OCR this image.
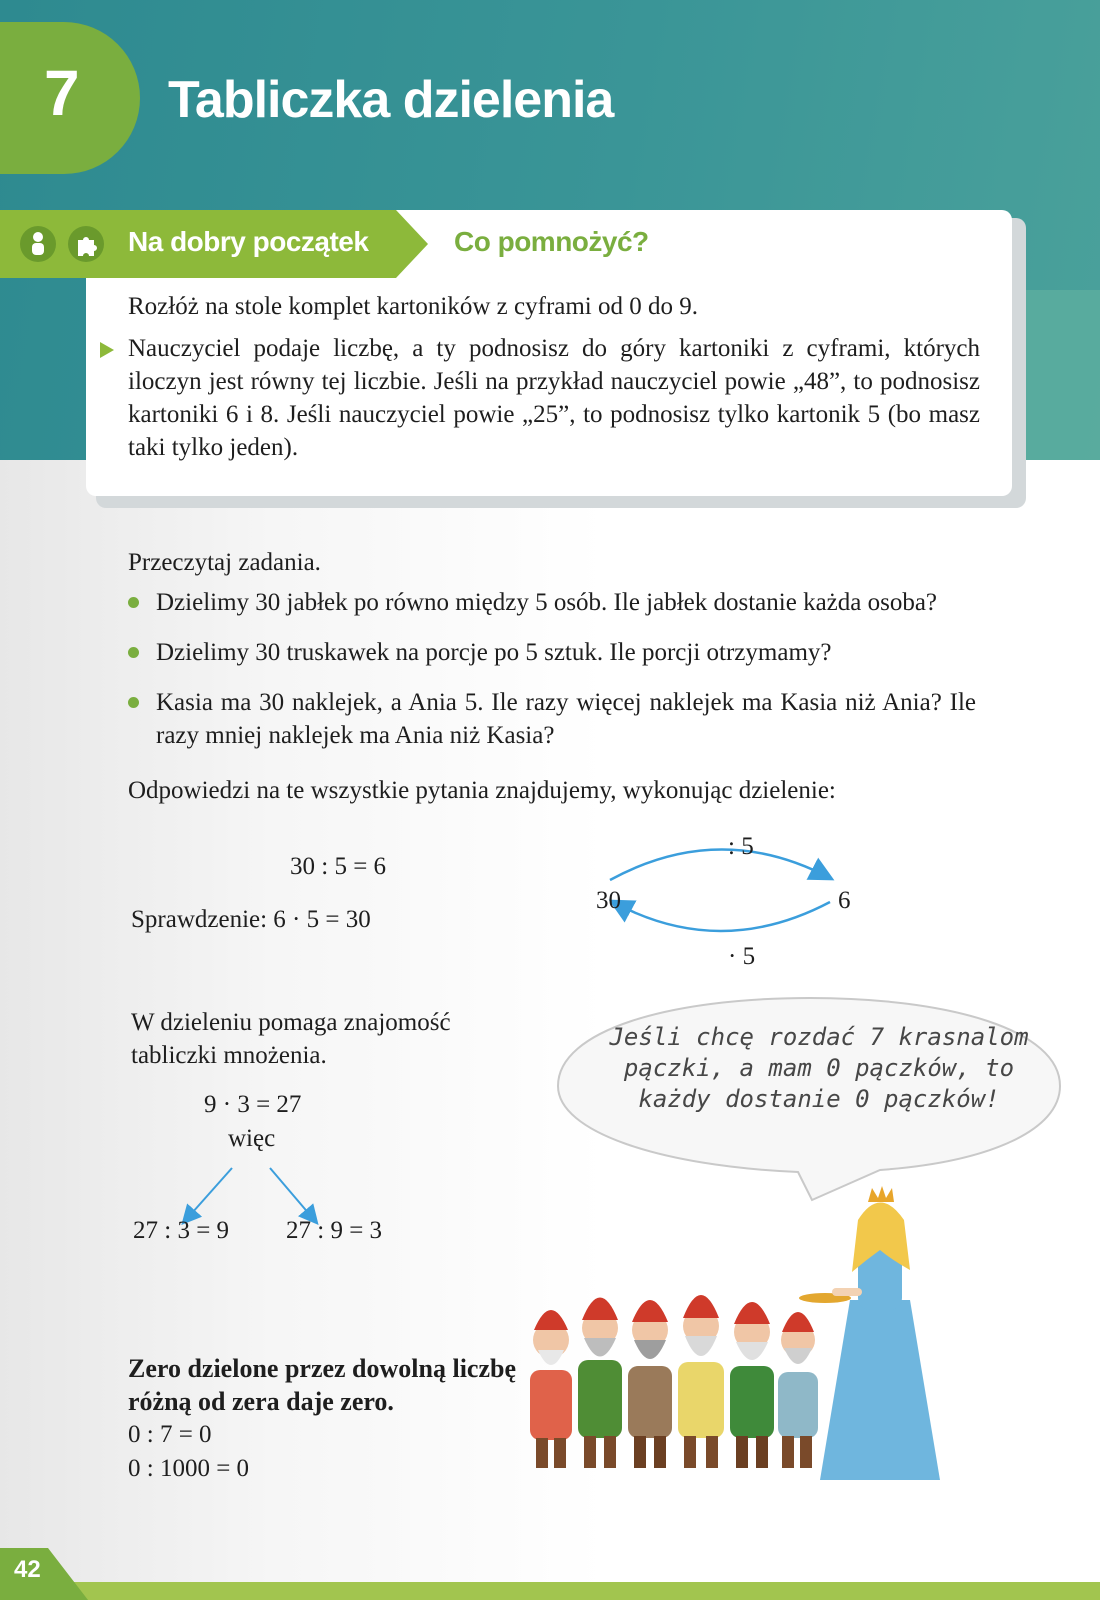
7 Tabliczka dzielenia
Na dobry początek	Co pomnożyć?
Rozłóż na stole komplet kartoników z cyframi od 0 do 9.
Nauczyciel podaje liczbę, a ty podnosisz do góry kartoniki z cyframi, których iloczyn jest równy tej liczbie. Jeśli na przykład nauczyciel powie „48”, to podnosisz kartoniki 6 i 8. Jeśli nauczyciel powie „25”, to podnosisz tylko kartonik 5 (bo masz taki tylko jeden).
Przeczytaj zadania.
Dzielimy 30 jabłek po równo między 5 osób. Ile jabłek dostanie każda osoba?
Dzielimy 30 truskawek na porcje po 5 sztuk. Ile porcji otrzymamy?
Kasia ma 30 naklejek, a Ania 5. Ile razy więcej naklejek ma Kasia niż Ania? Ile razy mniej naklejek ma Ania niż Kasia?
Odpowiedzi na te wszystkie pytania znajdujemy, wykonując dzielenie:
30 : 5 = 6
Sprawdzenie: 6 · 5 = 30
: 5
30	6
· 5
W dzieleniu pomaga znajomość tabliczki mnożenia.
9 · 3 = 27
więc
27 : 3 = 9 27 : 9 = 3
Jeśli chcę rozdać 7 krasnalom pączki, a mam 0 pączków, to każdy dostanie 0 pączków!
Zero dzielone przez dowolną liczbę różną od zera daje zero.
0 : 7 = 0
0 : 1000 = 0
42
